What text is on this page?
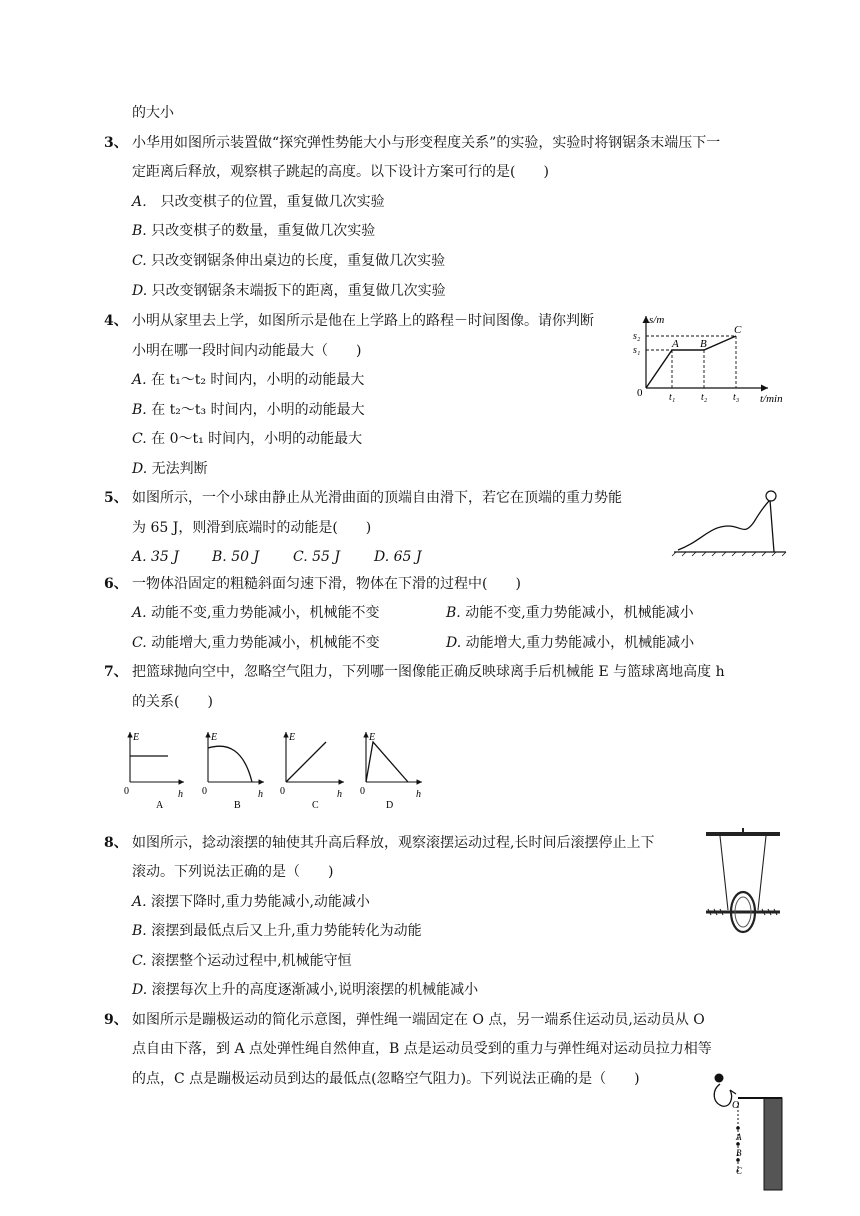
的大小
3、 小华用如图所示装置做“探究弹性势能大小与形变程度关系”的实验，实验时将钢锯条末端压下一
定距离后释放，观察棋子跳起的高度。以下设计方案可行的是(　　)
A． 只改变棋子的位置，重复做几次实验
B. 只改变棋子的数量，重复做几次实验
C. 只改变钢锯条伸出桌边的长度，重复做几次实验
D. 只改变钢锯条末端扳下的距离，重复做几次实验
4、 小明从家里去上学，如图所示是他在上学路上的路程－时间图像。请你判断
小明在哪一段时间内动能最大（　　)
A. 在 t₁～t₂ 时间内，小明的动能最大
B. 在 t₂～t₃ 时间内，小明的动能最大
C. 在 0～t₁ 时间内，小明的动能最大
D. 无法判断
s/m
t/min
0
s₂
s₁
A B
C
t₁	t₂	t₃
5、 如图所示，一个小球由静止从光滑曲面的顶端自由滑下，若它在顶端的重力势能
为 65 J，则滑到底端时的动能是(　　)
A. 35 J B. 50 J C. 55 J D. 65 J
6、 一物体沿固定的粗糙斜面匀速下滑，物体在下滑的过程中(　　)
A. 动能不变,重力势能减小，机械能不变	B. 动能不变,重力势能减小，机械能减小
C. 动能增大,重力势能减小，机械能不变	D. 动能增大,重力势能减小，机械能减小
7、 把篮球抛向空中，忽略空气阻力，下列哪一图像能正确反映球离手后机械能 E 与篮球离地高度 h
的关系(　　)
E
h
0
A
E
h
0
B
E
h
0
C
E
h
0
D
8、 如图所示，捻动滚摆的轴使其升高后释放，观察滚摆运动过程,长时间后滚摆停止上下
滚动。下列说法正确的是（　　)
A. 滚摆下降时,重力势能减小,动能减小
B. 滚摆到最低点后又上升,重力势能转化为动能
C. 滚摆整个运动过程中,机械能守恒
D. 滚摆每次上升的高度逐渐减小,说明滚摆的机械能减小
9、 如图所示是蹦极运动的简化示意图，弹性绳一端固定在 O 点，另一端系住运动员,运动员从 O
点自由下落，到 A 点处弹性绳自然伸直，B 点是运动员受到的重力与弹性绳对运动员拉力相等
的点，C 点是蹦极运动员到达的最低点(忽略空气阻力)。下列说法正确的是（　　)
O
A
B
C
